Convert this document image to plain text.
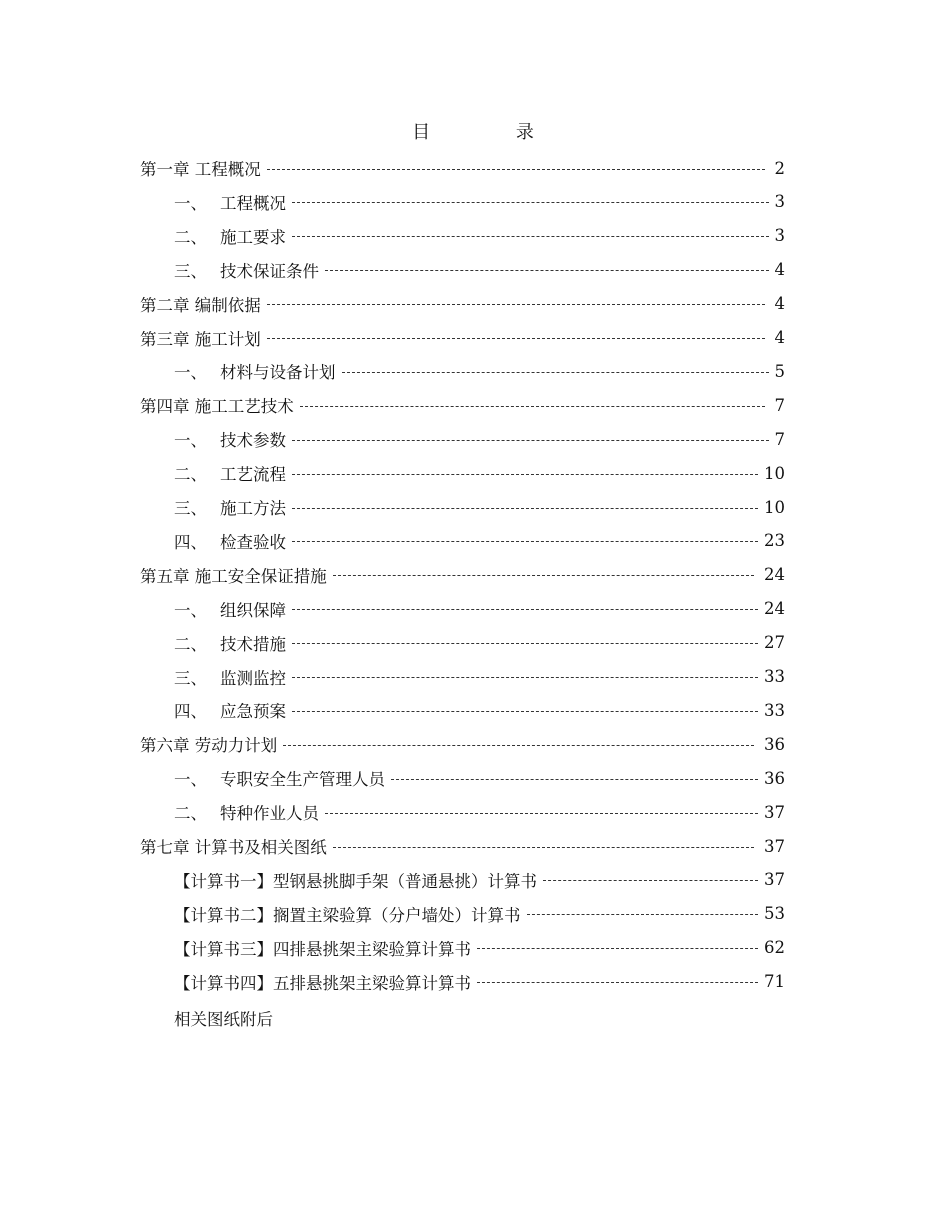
目 录
第一章 工程概况	2
一、 工程概况	3
二、 施工要求	3
三、 技术保证条件	4
第二章 编制依据	4
第三章 施工计划	4
一、 材料与设备计划	5
第四章 施工工艺技术	7
一、 技术参数	7
二、 工艺流程	10
三、 施工方法	10
四、 检查验收	23
第五章 施工安全保证措施	24
一、 组织保障	24
二、 技术措施	27
三、 监测监控	33
四、 应急预案	33
第六章 劳动力计划	36
一、 专职安全生产管理人员	36
二、 特种作业人员	37
第七章 计算书及相关图纸	37
【计算书一】型钢悬挑脚手架（普通悬挑）计算书	37
【计算书二】搁置主梁验算（分户墙处）计算书	53
【计算书三】四排悬挑架主梁验算计算书	62
【计算书四】五排悬挑架主梁验算计算书	71
相关图纸附后
